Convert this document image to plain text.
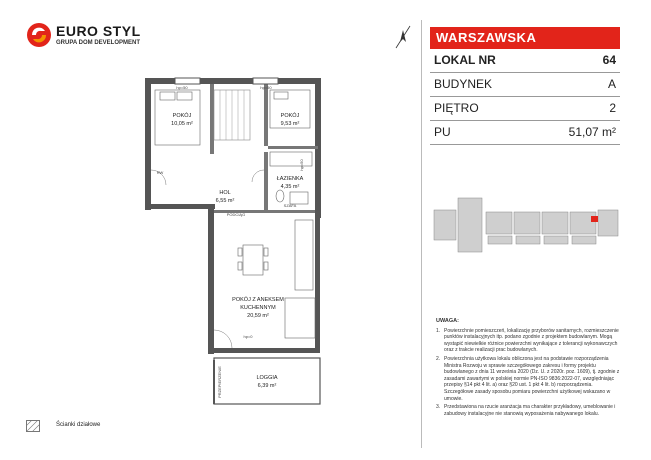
EURO STYL
GRUPA DOM DEVELOPMENT
POKÓJ
10,05 m²
POKÓJ
9,53 m²
ŁAZIENKA
4,35 m²
HOL
6,55 m²
POKÓJ Z ANEKSEM
KUCHENNYM
20,59 m²
LOGGIA
6,39 m²
hp=50	hp=50
hp=50
hp=0
SZAFA
PODCIĄG
RW
PRZEPIERZENIE
WARSZAWSKA
LOKAL NR	64
BUDYNEK	A
PIĘTRO	2
PU	51,07 m²
UWAGA:
1. Powierzchnie pomieszczeń, lokalizację przyborów sanitarnych, rozmieszczenie punktów instalacyjnych itp. podano zgodnie z projektem budowlanym. Mogą wystąpić niewielkie różnice powierzchni wynikające z tolerancji wykonawczych oraz z trakcie realizacji prac budowlanych.
2. Powierzchnia użytkowa lokalu obliczona jest na podstawie rozporządzenia Ministra Rozwoju w sprawie szczegółowego zakresu i formy projektu budowlanego z dnia 11 września 2020 (Dz. U. z 2020r. poz. 1609), tj. zgodnie z zasadami zawartymi w polskiej normie PN-ISO 9836:2022-07, uwzględniając przepisy §14 pkt 4 lit. a) oraz §20 ust. 1 pkt 4 lit. b) rozporządzenia. Szczegółowe zasady sposobu pomiaru powierzchni użytkowej wskazano w umowie.
3. Przedstawiona na rzucie aranżacja ma charakter przykładowy, umeblowanie i zabudowy instalacyjne nie stanowią wyposażenia nabywanego lokalu.
Ścianki działowe
